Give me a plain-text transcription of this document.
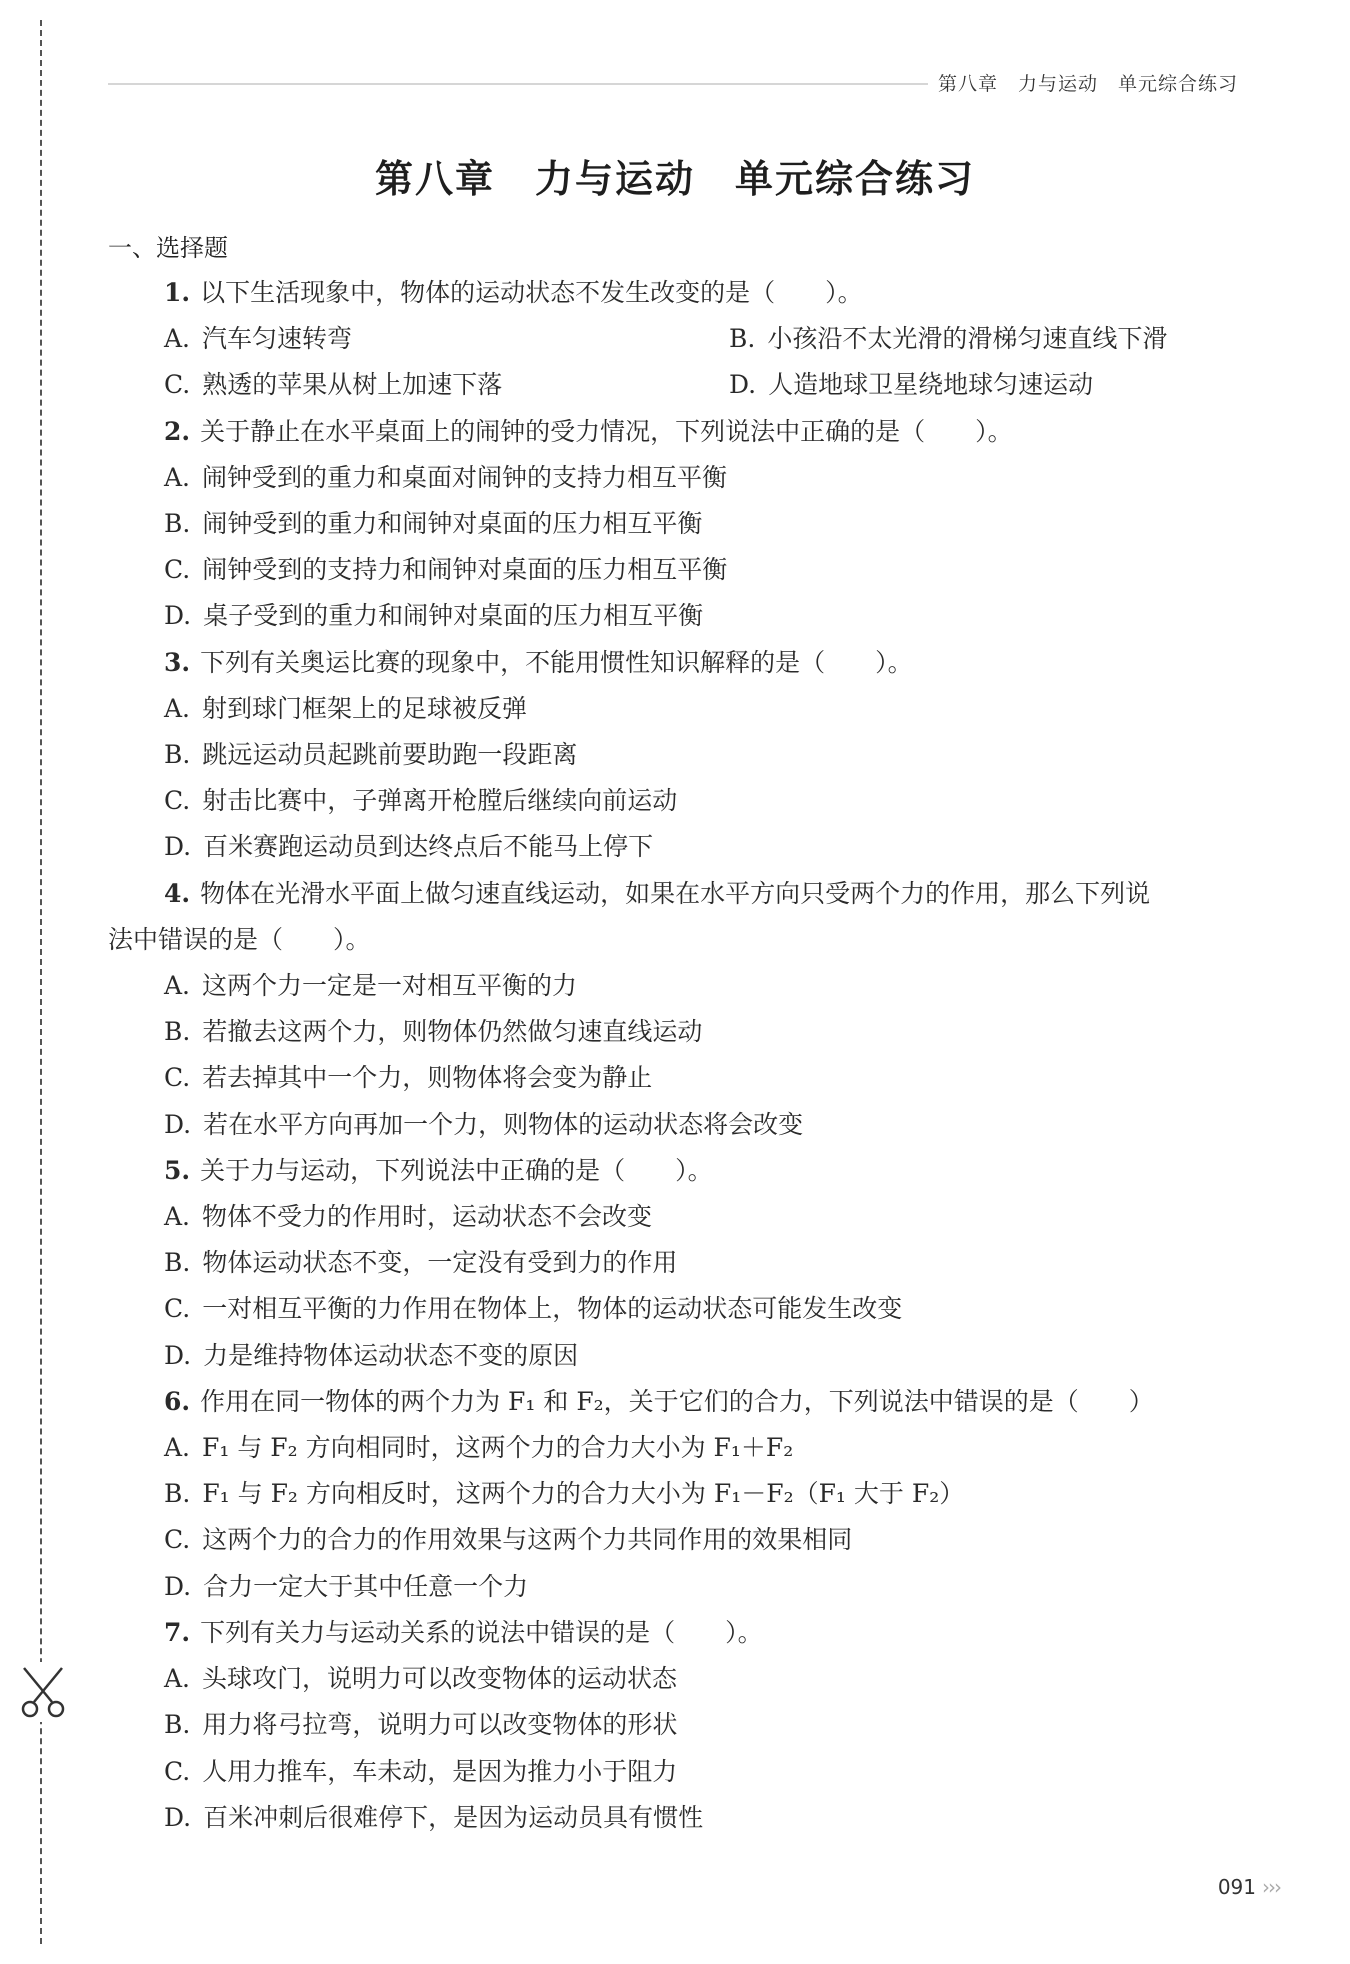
第八章　力与运动　单元综合练习
第八章　力与运动　单元综合练习
一、选择题
1. 以下生活现象中，物体的运动状态不发生改变的是（　　）。
A. 汽车匀速转弯	B. 小孩沿不太光滑的滑梯匀速直线下滑
C. 熟透的苹果从树上加速下落	D. 人造地球卫星绕地球匀速运动
2. 关于静止在水平桌面上的闹钟的受力情况，下列说法中正确的是（　　）。
A. 闹钟受到的重力和桌面对闹钟的支持力相互平衡
B. 闹钟受到的重力和闹钟对桌面的压力相互平衡
C. 闹钟受到的支持力和闹钟对桌面的压力相互平衡
D. 桌子受到的重力和闹钟对桌面的压力相互平衡
3. 下列有关奥运比赛的现象中，不能用惯性知识解释的是（　　）。
A. 射到球门框架上的足球被反弹
B. 跳远运动员起跳前要助跑一段距离
C. 射击比赛中，子弹离开枪膛后继续向前运动
D. 百米赛跑运动员到达终点后不能马上停下
4. 物体在光滑水平面上做匀速直线运动，如果在水平方向只受两个力的作用，那么下列说
法中错误的是（　　）。
A. 这两个力一定是一对相互平衡的力
B. 若撤去这两个力，则物体仍然做匀速直线运动
C. 若去掉其中一个力，则物体将会变为静止
D. 若在水平方向再加一个力，则物体的运动状态将会改变
5. 关于力与运动，下列说法中正确的是（　　）。
A. 物体不受力的作用时，运动状态不会改变
B. 物体运动状态不变，一定没有受到力的作用
C. 一对相互平衡的力作用在物体上，物体的运动状态可能发生改变
D. 力是维持物体运动状态不变的原因
6. 作用在同一物体的两个力为 F₁ 和 F₂，关于它们的合力，下列说法中错误的是（　　）
A. F₁ 与 F₂ 方向相同时，这两个力的合力大小为 F₁＋F₂
B. F₁ 与 F₂ 方向相反时，这两个力的合力大小为 F₁－F₂（F₁ 大于 F₂）
C. 这两个力的合力的作用效果与这两个力共同作用的效果相同
D. 合力一定大于其中任意一个力
7. 下列有关力与运动关系的说法中错误的是（　　）。
A. 头球攻门，说明力可以改变物体的运动状态
B. 用力将弓拉弯，说明力可以改变物体的形状
C. 人用力推车，车未动，是因为推力小于阻力
D. 百米冲刺后很难停下，是因为运动员具有惯性
091 ›››
